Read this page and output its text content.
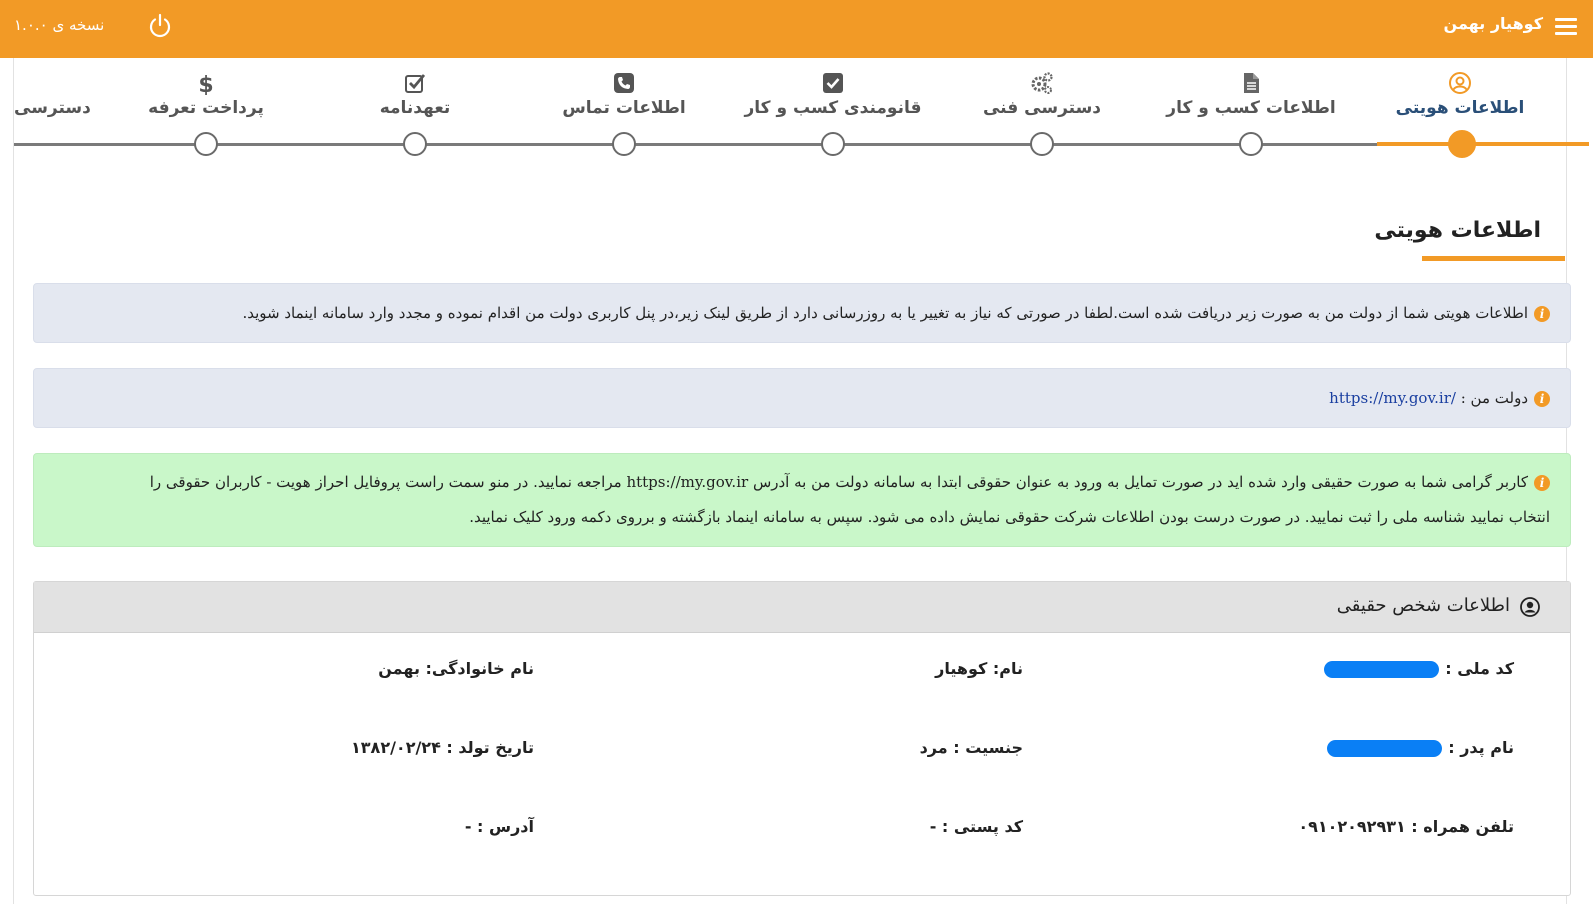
کوهیار بهمن
نسخه ی ۱.۰.۰
اطلاعات هویتی
اطلاعات کسب و کار
دسترسی فنی
قانومندی کسب و کار
اطلاعات تماس
تعهدنامه
$
پرداخت تعرفه
دسترسی
اطلاعات هویتی
iاطلاعات هویتی شما از دولت من به صورت زیر دریافت شده است.لطفا در صورتی که نیاز به تغییر یا به روزرسانی دارد از طریق لینک زیر،در پنل کاربری دولت من اقدام نموده و مجدد وارد سامانه اینماد شوید.
iدولت من : https://my.gov.ir/
iکاربر گرامی شما به صورت حقیقی وارد شده اید در صورت تمایل به ورود به عنوان حقوقی ابتدا به سامانه دولت من به آدرس https://my.gov.ir مراجعه نمایید. در منو سمت راست پروفایل احراز هویت - کاربران حقوقی را
انتخاب نمایید شناسه ملی را ثبت نمایید. در صورت درست بودن اطلاعات شرکت حقوقی نمایش داده می شود. سپس به سامانه اینماد بازگشته و برروی دکمه ورود کلیک نمایید.
اطلاعات شخص حقیقی
کد ملی :
نام: کوهیار
نام خانوادگی: بهمن
نام پدر :
جنسیت : مرد
تاریخ تولد : ۱۳۸۲/۰۲/۲۴
تلفن همراه : ۰۹۱۰۲۰۹۲۹۳۱
کد پستی : -
آدرس : -
